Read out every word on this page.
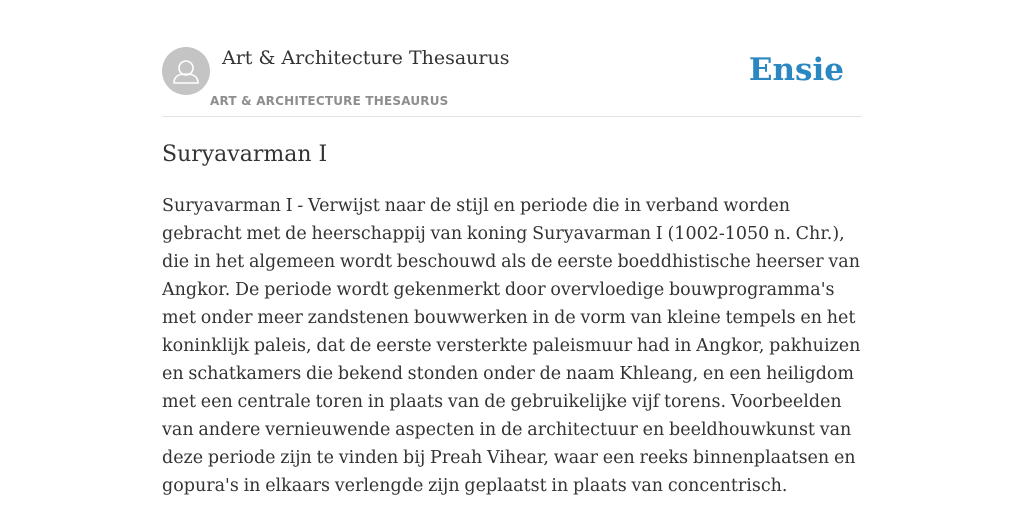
Art & Architecture Thesaurus
ART & ARCHITECTURE THESAURUS
Ensie
Suryavarman I

Suryavarman I - Verwijst naar de stijl en periode die in verband worden gebracht met de heerschappij van koning Suryavarman I (1002-1050 n. Chr.), die in het algemeen wordt beschouwd als de eerste boeddhistische heerser van Angkor. De periode wordt gekenmerkt door overvloedige bouwprogramma's met onder meer zandstenen bouwwerken in de vorm van kleine tempels en het koninklijk paleis, dat de eerste versterkte paleismuur had in Angkor, pakhuizen en schatkamers die bekend stonden onder de naam Khleang, en een heiligdom met een centrale toren in plaats van de gebruikelijke vijf torens. Voorbeelden van andere vernieuwende aspecten in de architectuur en beeldhouwkunst van deze periode zijn te vinden bij Preah Vihear, waar een reeks binnenplaatsen en gopura's in elkaars verlengde zijn geplaatst in plaats van concentrisch.
